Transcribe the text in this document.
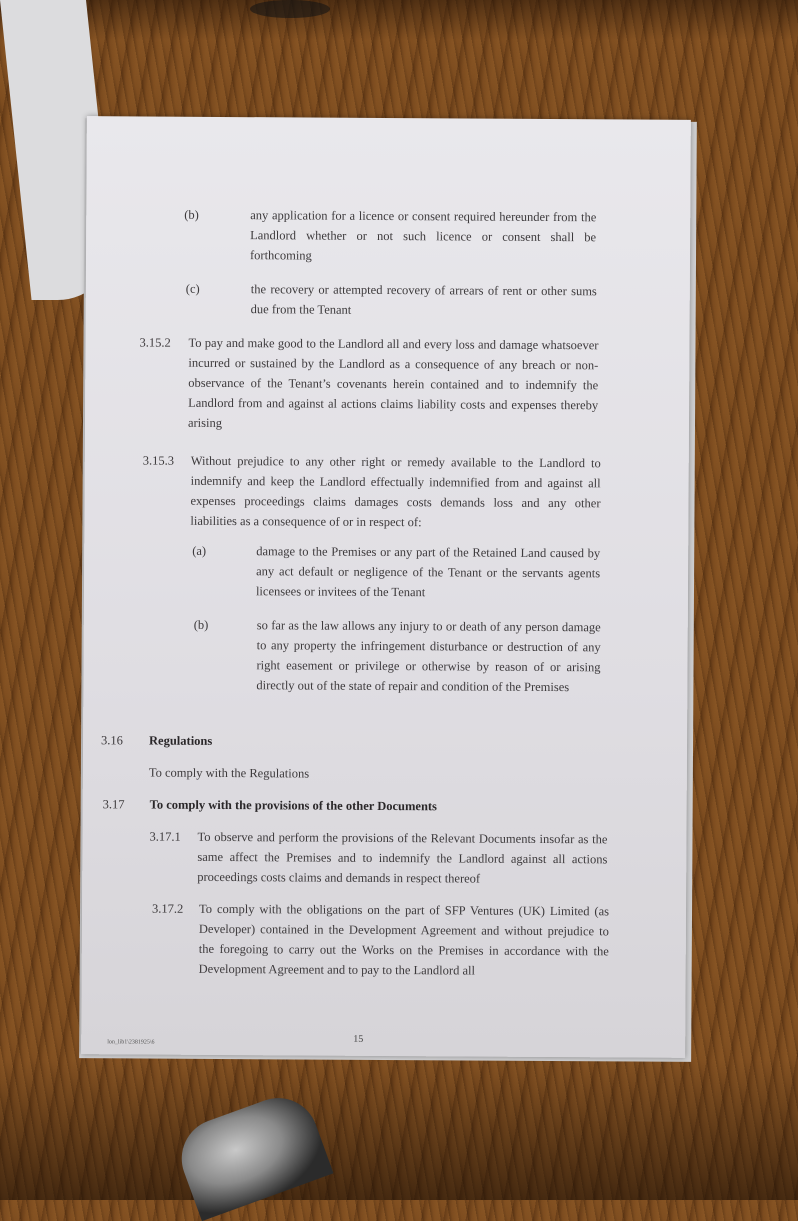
(b)	any application for a licence or consent required hereunder from the Landlord whether or not such licence or consent shall be forthcoming

(c)	the recovery or attempted recovery of arrears of rent or other sums due from the Tenant

3.15.2 To pay and make good to the Landlord all and every loss and damage whatsoever incurred or sustained by the Landlord as a consequence of any breach or non-observance of the Tenant’s covenants herein contained and to indemnify the Landlord from and against al actions claims liability costs and expenses thereby arising

3.15.3 Without prejudice to any other right or remedy available to the Landlord to indemnify and keep the Landlord effectually indemnified from and against all expenses proceedings claims damages costs demands loss and any other liabilities as a consequence of or in respect of:

(a)	damage to the Premises or any part of the Retained Land caused by any act default or negligence of the Tenant or the servants agents licensees or invitees of the Tenant

(b)	so far as the law allows any injury to or death of any person damage to any property the infringement disturbance or destruction of any right easement or privilege or otherwise by reason of or arising directly out of the state of repair and condition of the Premises

3.16 Regulations

To comply with the Regulations

3.17 To comply with the provisions of the other Documents

3.17.1 To observe and perform the provisions of the Relevant Documents insofar as the same affect the Premises and to indemnify the Landlord against all actions proceedings costs claims and demands in respect thereof

3.17.2 To comply with the obligations on the part of SFP Ventures (UK) Limited (as Developer) contained in the Development Agreement and without prejudice to the foregoing to carry out the Works on the Premises in accordance with the Development Agreement and to pay to the Landlord all

lon_lib1\2381925\6	15
